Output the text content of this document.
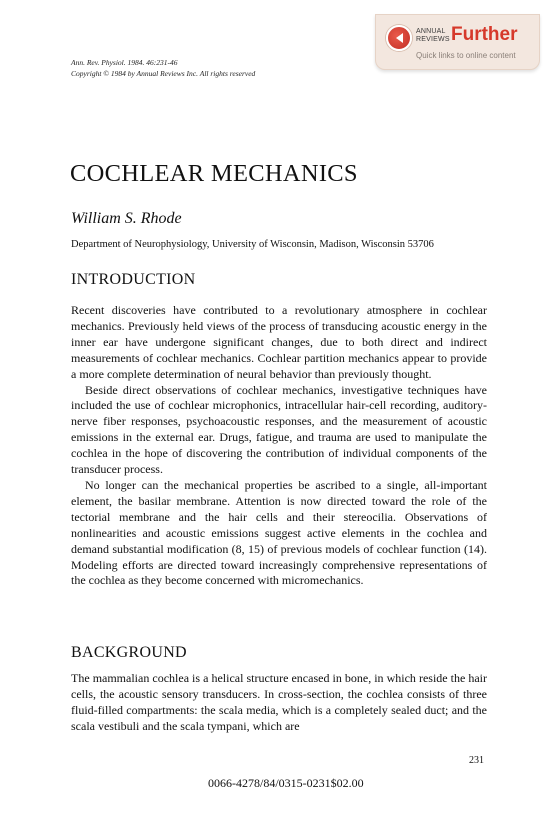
ANNUAL
REVIEWS Further
Quick links to online content
Ann. Rev. Physiol. 1984. 46:231-46
Copyright © 1984 by Annual Reviews Inc. All rights reserved
COCHLEAR MECHANICS
William S. Rhode
Department of Neurophysiology, University of Wisconsin, Madison, Wisconsin 53706
INTRODUCTION

Recent discoveries have contributed to a revolutionary atmosphere in cochlear mechanics. Previously held views of the process of transducing acoustic energy in the inner ear have undergone significant changes, due to both direct and indirect measurements of cochlear mechanics. Cochlear partition mechanics appear to provide a more complete determination of neural behavior than previously thought.

Beside direct observations of cochlear mechanics, investigative techniques have included the use of cochlear microphonics, intracellular hair-cell recording, auditory-nerve fiber responses, psychoacoustic responses, and the measurement of acoustic emissions in the external ear. Drugs, fatigue, and trauma are used to manipulate the cochlea in the hope of discovering the contribution of individual components of the transducer process.

No longer can the mechanical properties be ascribed to a single, all-important element, the basilar membrane. Attention is now directed toward the role of the tectorial membrane and the hair cells and their stereocilia. Observations of nonlinearities and acoustic emissions suggest active elements in the cochlea and demand substantial modification (8, 15) of previous models of cochlear function (14). Modeling efforts are directed toward increasingly comprehensive representations of the cochlea as they become concerned with micromechanics.

BACKGROUND

The mammalian cochlea is a helical structure encased in bone, in which reside the hair cells, the acoustic sensory transducers. In cross-section, the cochlea consists of three fluid-filled compartments: the scala media, which is a completely sealed duct; and the scala vestibuli and the scala tympani, which are

231
0066-4278/84/0315-0231$02.00
